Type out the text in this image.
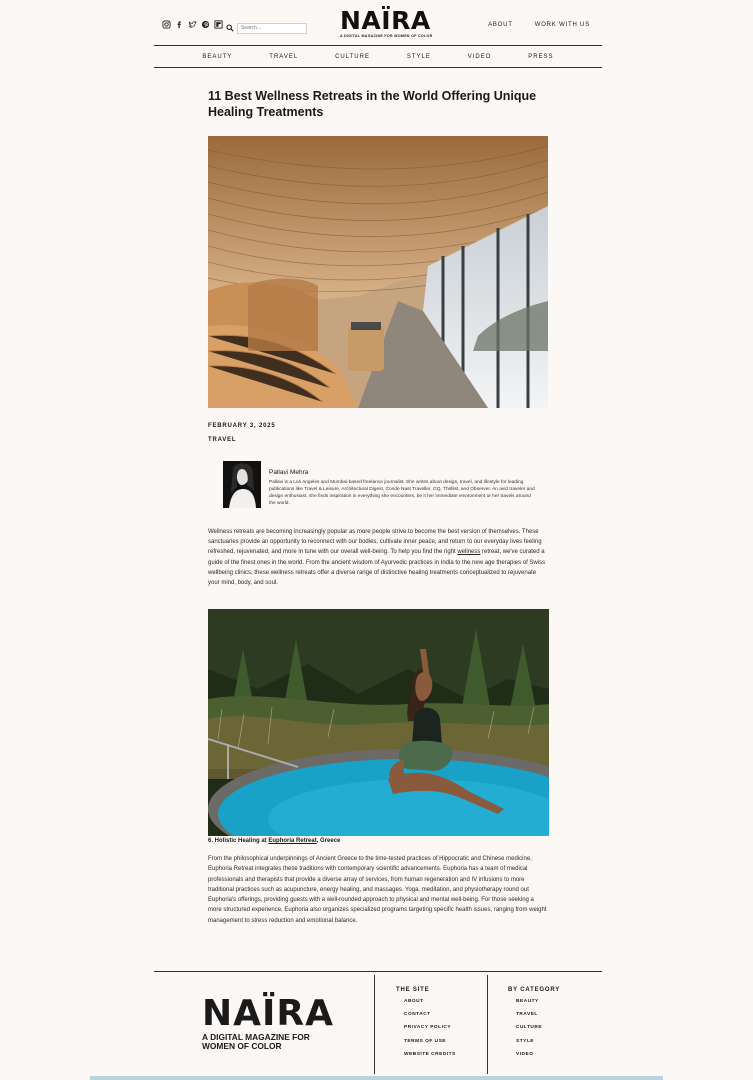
Search...
NAÏRA
A DIGITAL MAGAZINE FOR WOMEN OF COLOR
ABOUT	WORK WITH US
BEAUTY	TRAVEL	CULTURE	STYLE	VIDEO	PRESS
11 Best Wellness Retreats in the World Offering Unique Healing Treatments
FEBRUARY 3, 2025
TRAVEL
Pallavi Mehra
Pallavi is a Los Angeles and Mumbai-based freelance journalist. She writes about design, travel, and lifestyle for leading publications like Travel & Leisure, Architectural Digest, Conde Nast Traveller, GQ, Thrillist, and Observer. An avid traveler and design enthusiast, she finds inspiration in everything she encounters, be it her immediate environment or her travels around the world.

Wellness retreats are becoming increasingly popular as more people strive to become the best version of themselves. These sanctuaries provide an opportunity to reconnect with our bodies, cultivate inner peace, and return to our everyday lives feeling refreshed, rejuvenated, and more in tune with our overall well-being. To help you find the right wellness retreat, we've curated a guide of the finest ones in the world. From the ancient wisdom of Ayurvedic practices in India to the new age therapies of Swiss wellbeing clinics, these wellness retreats offer a diverse range of distinctive healing treatments conceptualized to rejuvenate your mind, body, and soul.

6. Holistic Healing at Euphoria Retreat, Greece

From the philosophical underpinnings of Ancient Greece to the time-tested practices of Hippocratic and Chinese medicine, Euphoria Retreat integrates these traditions with contemporary scientific advancements. Euphoria has a team of medical professionals and therapists that provide a diverse array of services, from human regeneration and IV infusions to more traditional practices such as acupuncture, energy healing, and massages. Yoga, meditation, and physiotherapy round out Euphoria's offerings, providing guests with a well-rounded approach to physical and mental well-being. For those seeking a more structured experience, Euphoria also organizes specialized programs targeting specific health issues, ranging from weight management to stress reduction and emotional balance.

NAÏRA
A DIGITAL MAGAZINE FOR WOMEN OF COLOR
THE SITE
ABOUT
CONTACT
PRIVACY POLICY
TERMS OF USE
WEBSITE CREDITS
BY CATEGORY
BEAUTY
TRAVEL
CULTURE
STYLE
VIDEO
